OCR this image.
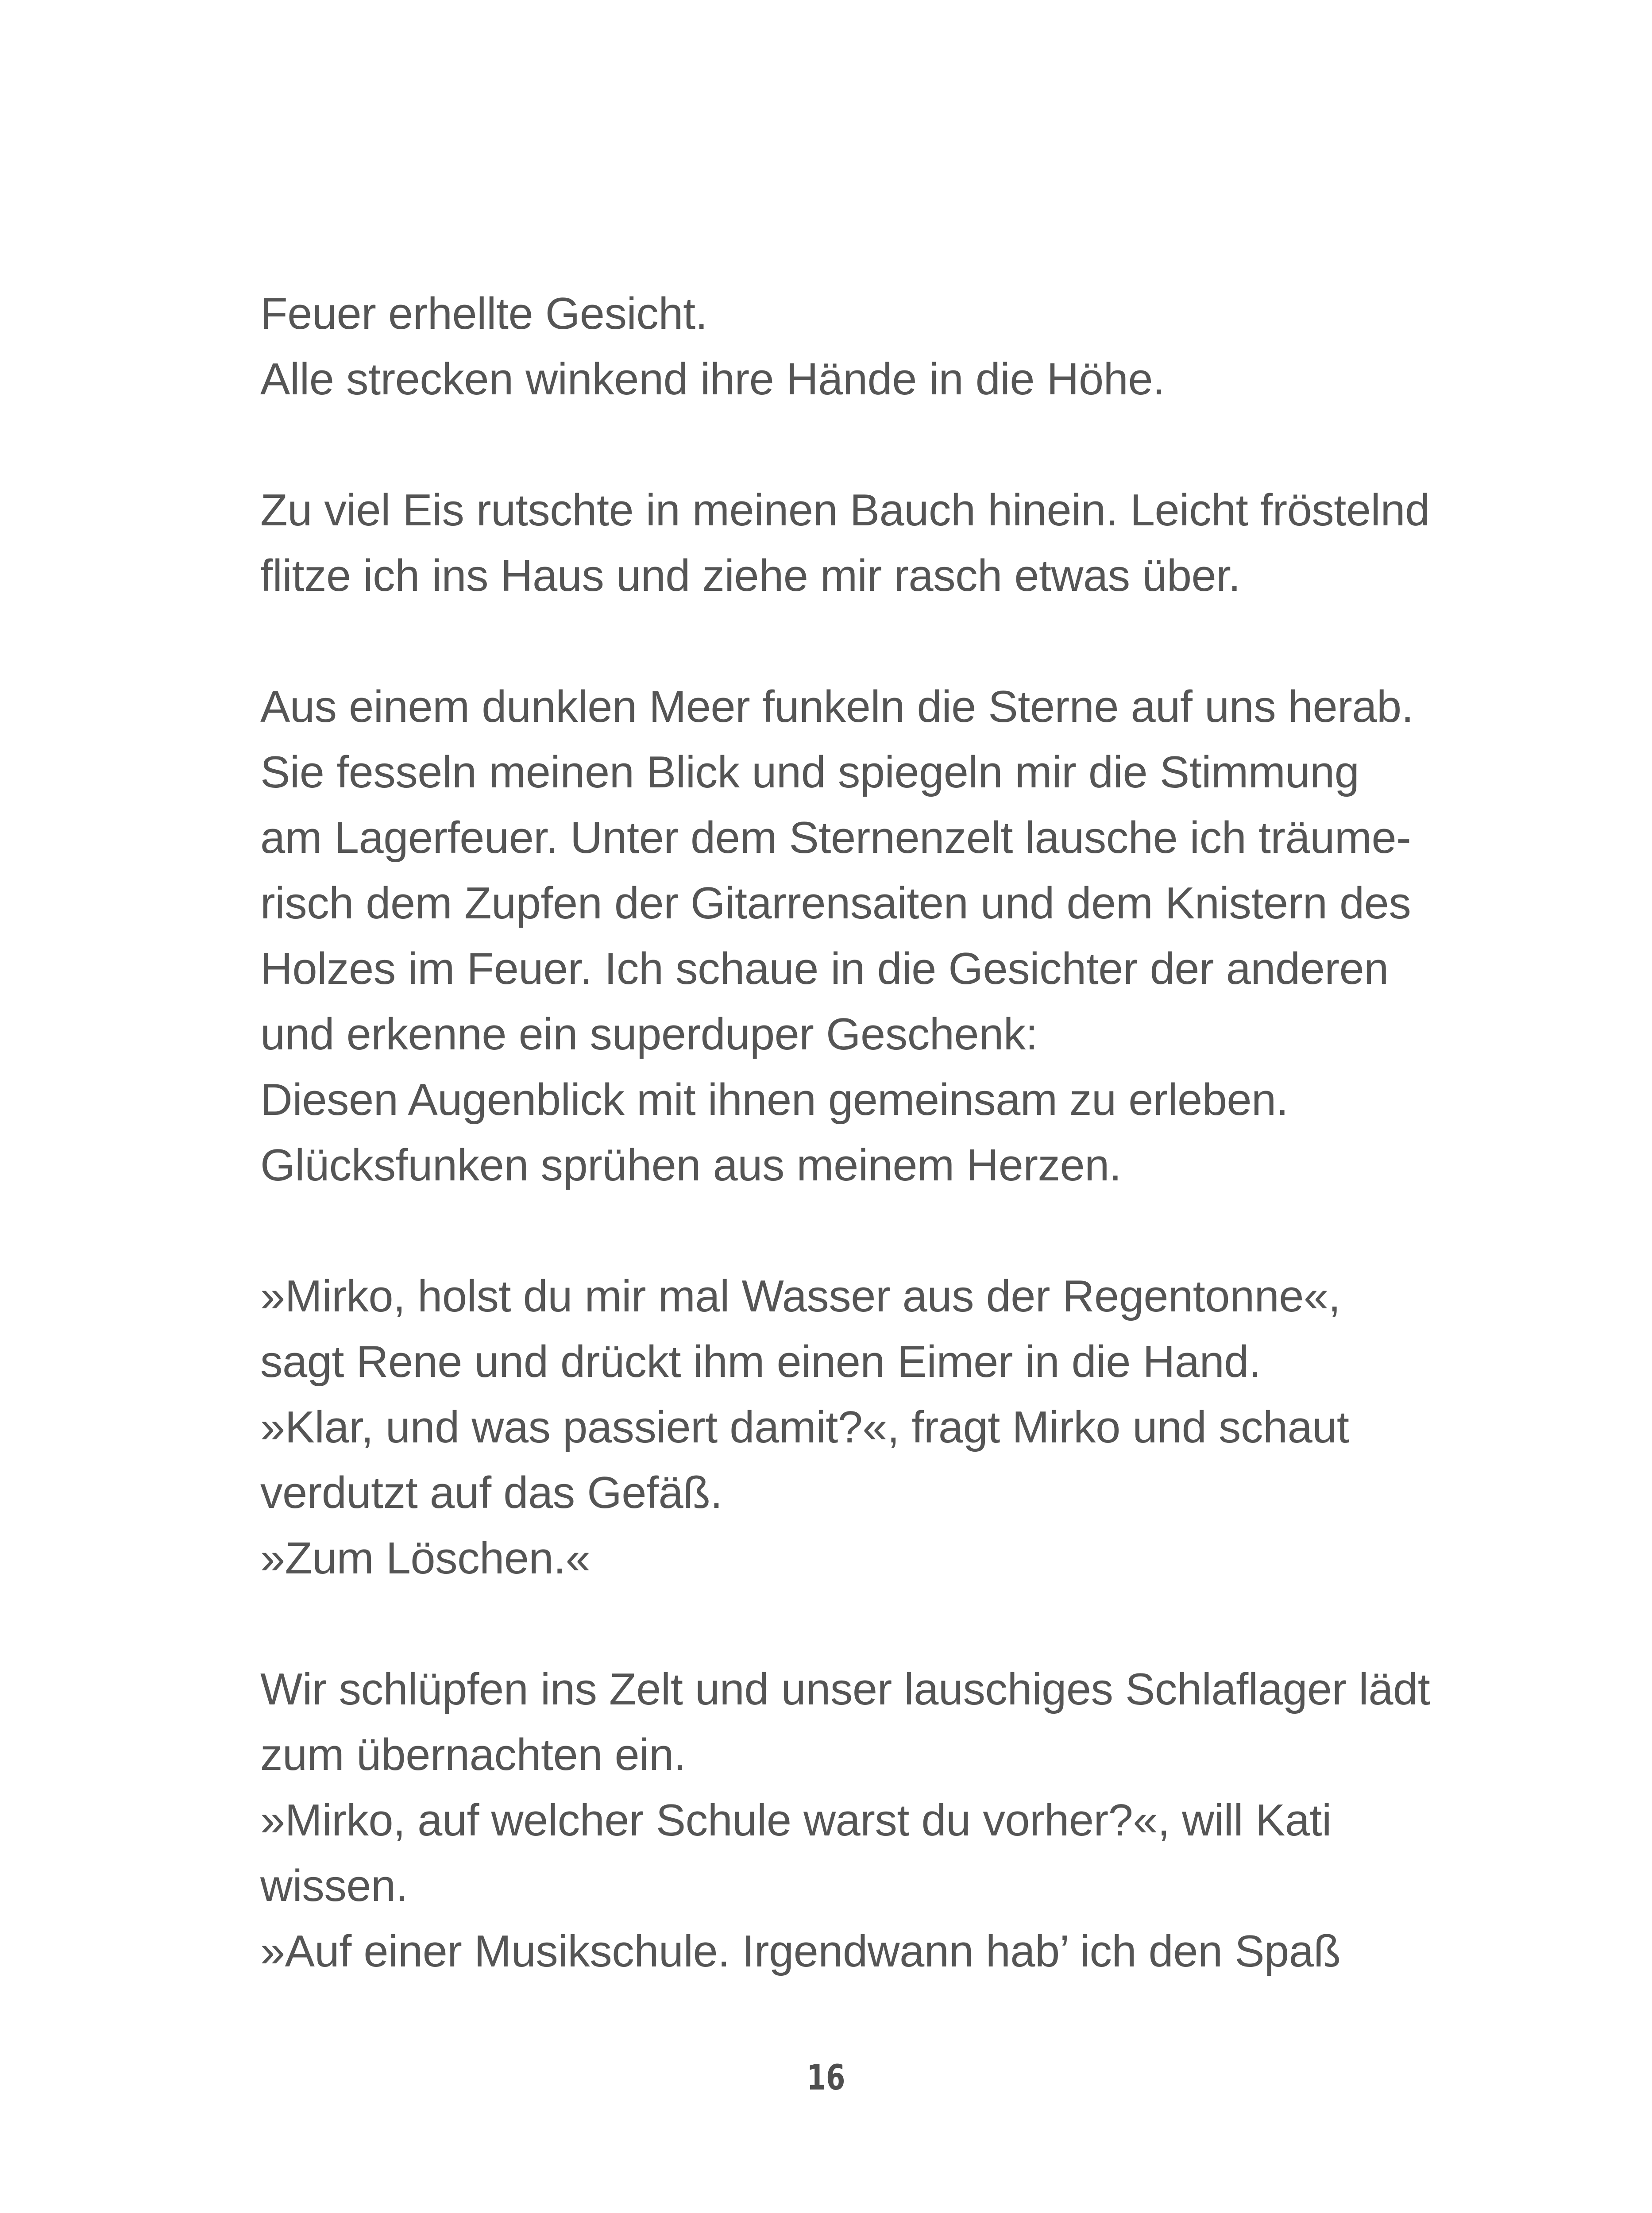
Feuer erhellte Gesicht.
Alle strecken winkend ihre Hände in die Höhe.
Zu viel Eis rutschte in meinen Bauch hinein. Leicht fröstelnd
flitze ich ins Haus und ziehe mir rasch etwas über.
Aus einem dunklen Meer funkeln die Sterne auf uns herab.
Sie fesseln meinen Blick und spiegeln mir die Stimmung
am Lagerfeuer. Unter dem Sternenzelt lausche ich träume-
risch dem Zupfen der Gitarrensaiten und dem Knistern des
Holzes im Feuer. Ich schaue in die Gesichter der anderen
und erkenne ein superduper Geschenk:
Diesen Augenblick mit ihnen gemeinsam zu erleben.
Glücksfunken sprühen aus meinem Herzen.
»Mirko, holst du mir mal Wasser aus der Regentonne«,
sagt Rene und drückt ihm einen Eimer in die Hand.
»Klar, und was passiert damit?«, fragt Mirko und schaut
verdutzt auf das Gefäß.
»Zum Löschen.«
Wir schlüpfen ins Zelt und unser lauschiges Schlaflager lädt
zum übernachten ein.
»Mirko, auf welcher Schule warst du vorher?«, will Kati
wissen.
»Auf einer Musikschule. Irgendwann hab’ ich den Spaß
16
